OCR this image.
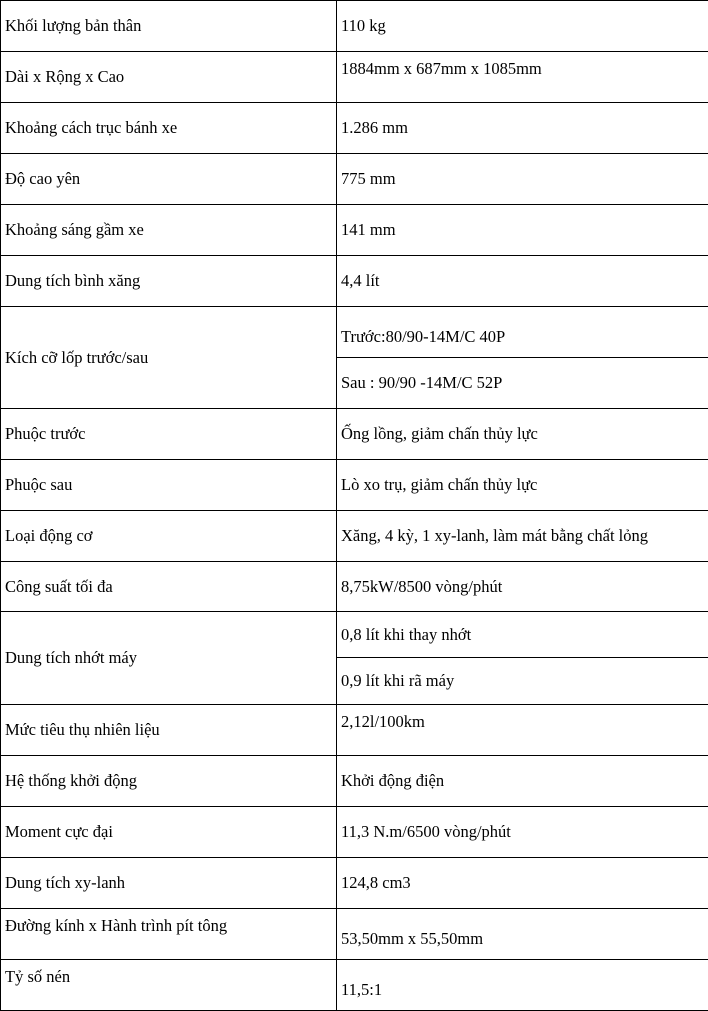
Khối lượng bản thân	110 kg
Dài x Rộng x Cao	1884mm x 687mm x 1085mm
Khoảng cách trục bánh xe	1.286 mm
Độ cao yên	775 mm
Khoảng sáng gầm xe	141 mm
Dung tích bình xăng	4,4 lít
Kích cỡ lốp trước/sau	Trước:80/90-14M/C 40P
	Sau : 90/90 -14M/C 52P
Phuộc trước	Ống lồng, giảm chấn thủy lực
Phuộc sau	Lò xo trụ, giảm chấn thủy lực
Loại động cơ	Xăng, 4 kỳ, 1 xy-lanh, làm mát bằng chất lỏng
Công suất tối đa	8,75kW/8500 vòng/phút
Dung tích nhớt máy	0,8 lít khi thay nhớt
	0,9 lít khi rã máy
Mức tiêu thụ nhiên liệu	2,12l/100km
Hệ thống khởi động	Khởi động điện
Moment cực đại	11,3 N.m/6500 vòng/phút
Dung tích xy-lanh	124,8 cm3
Đường kính x Hành trình pít tông	53,50mm x 55,50mm
Tỷ số nén	11,5:1
